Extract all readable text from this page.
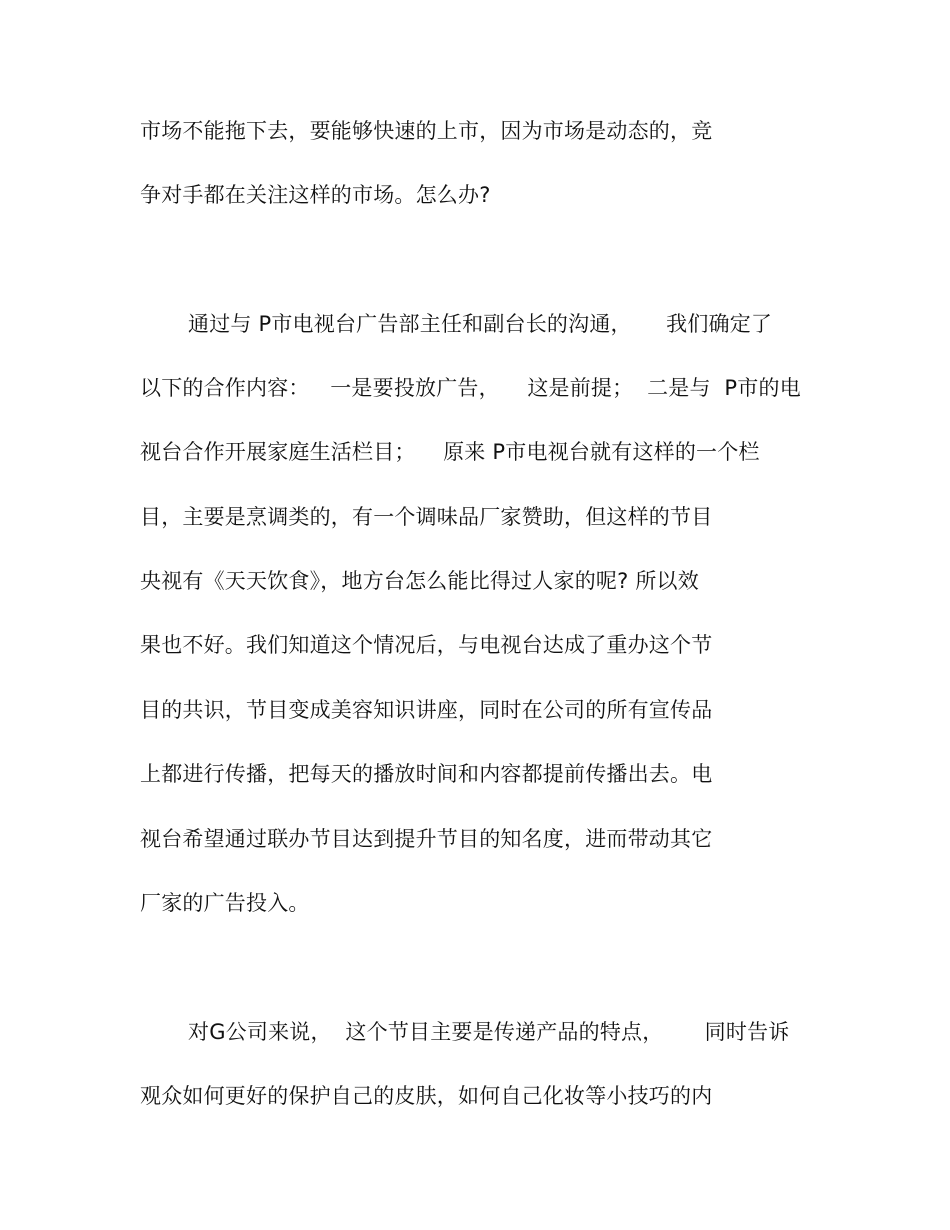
市场不能拖下去，要能够快速的上市，因为市场是动态的，竞
争对手都在关注这样的市场。怎么办?
通过与 P市电视台广告部主任和副台长的沟通，     我们确定了
以下的合作内容：   一是要投放广告，    这是前提；  二是与  P市的电
视台合作开展家庭生活栏目；    原来 P市电视台就有这样的一个栏
目，主要是烹调类的，有一个调味品厂家赞助，但这样的节目
央视有《天天饮食》，地方台怎么能比得过人家的呢? 所以效
果也不好。我们知道这个情况后，与电视台达成了重办这个节
目的共识，节目变成美容知识讲座，同时在公司的所有宣传品
上都进行传播，把每天的播放时间和内容都提前传播出去。电
视台希望通过联办节目达到提升节目的知名度，进而带动其它
厂家的广告投入。
对G公司来说，  这个节目主要是传递产品的特点，      同时告诉
观众如何更好的保护自己的皮肤，如何自己化妆等小技巧的内
